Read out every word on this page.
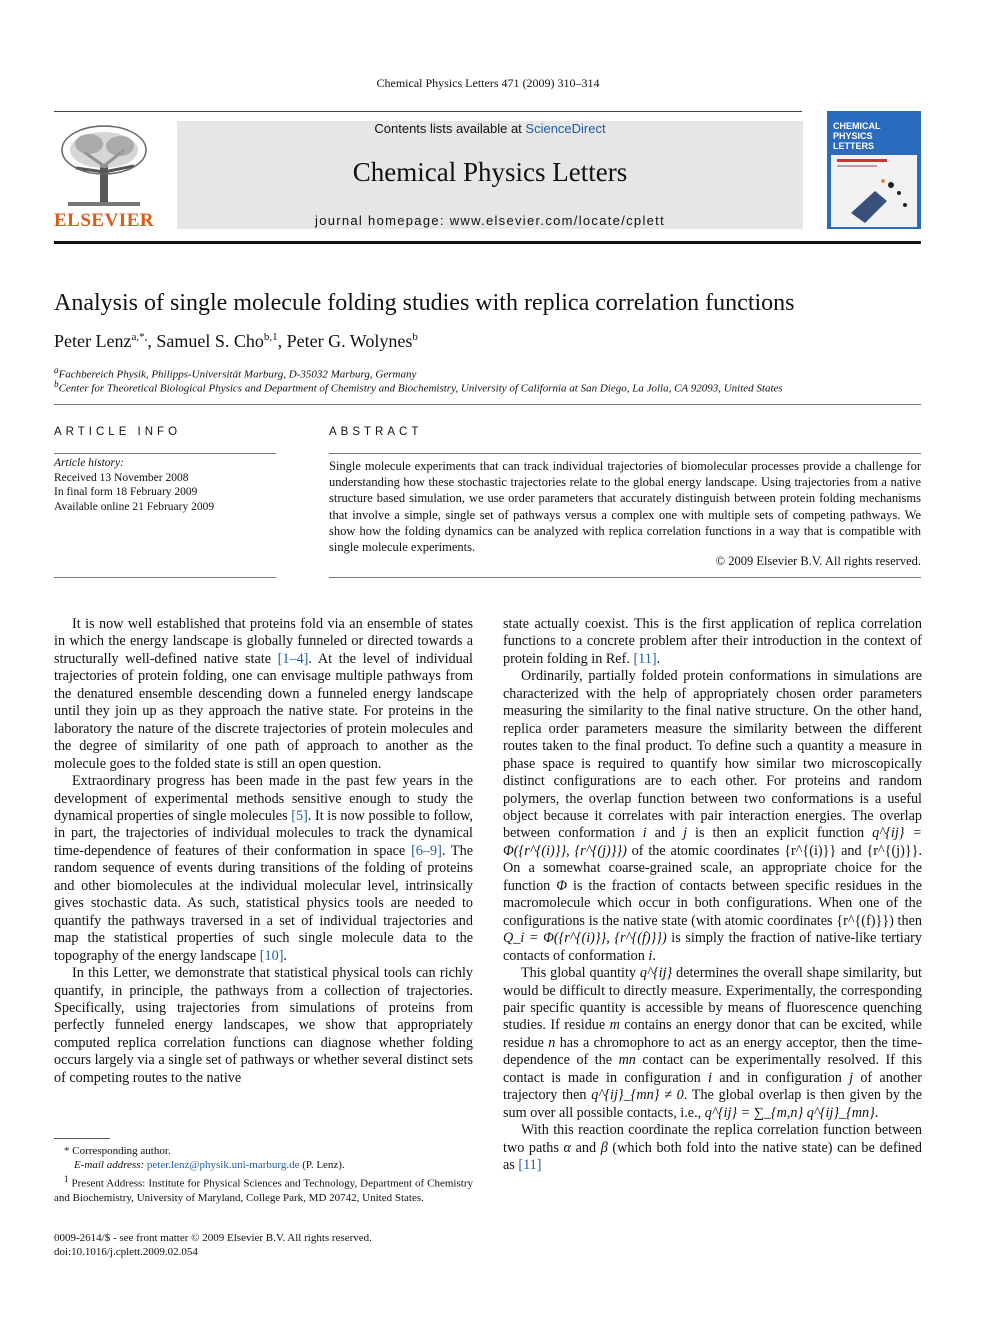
Chemical Physics Letters 471 (2009) 310–314
ELSEVIER
Contents lists available at ScienceDirect
Chemical Physics Letters
journal homepage: www.elsevier.com/locate/cplett
CHEMICAL
PHYSICS
LETTERS
Analysis of single molecule folding studies with replica correlation functions
Peter Lenz$^{a,*,}$, Samuel S. Cho$^{b,1}$, Peter G. Wolynes$^b$
$^a$Fachbereich Physik, Philipps-Universität Marburg, D-35032 Marburg, Germany
$^b$Center for Theoretical Biological Physics and Department of Chemistry and Biochemistry, University of California at San Diego, La Jolla, CA 92093, United States
ARTICLE INFO
Article history:
Received 13 November 2008
In final form 18 February 2009
Available online 21 February 2009
ABSTRACT
Single molecule experiments that can track individual trajectories of biomolecular processes provide a challenge for understanding how these stochastic trajectories relate to the global energy landscape. Using trajectories from a native structure based simulation, we use order parameters that accurately distinguish between protein folding mechanisms that involve a simple, single set of pathways versus a complex one with multiple sets of competing pathways. We show how the folding dynamics can be analyzed with replica correlation functions in a way that is compatible with single molecule experiments.
© 2009 Elsevier B.V. All rights reserved.

It is now well established that proteins fold via an ensemble of states in which the energy landscape is globally funneled or directed towards a structurally well-defined native state [1–4]. At the level of individual trajectories of protein folding, one can envisage multiple pathways from the denatured ensemble descending down a funneled energy landscape until they join up as they approach the native state. For proteins in the laboratory the nature of the discrete trajectories of protein molecules and the degree of similarity of one path of approach to another as the molecule goes to the folded state is still an open question.

Extraordinary progress has been made in the past few years in the development of experimental methods sensitive enough to study the dynamical properties of single molecules [5]. It is now possible to follow, in part, the trajectories of individual molecules to track the dynamical time-dependence of features of their conformation in space [6–9]. The random sequence of events during transitions of the folding of proteins and other biomolecules at the individual molecular level, intrinsically gives stochastic data. As such, statistical physics tools are needed to quantify the pathways traversed in a set of individual trajectories and map the statistical properties of such single molecule data to the topography of the energy landscape [10].

In this Letter, we demonstrate that statistical physical tools can richly quantify, in principle, the pathways from a collection of trajectories. Specifically, using trajectories from simulations of proteins from perfectly funneled energy landscapes, we show that appropriately computed replica correlation functions can diagnose whether folding occurs largely via a single set of pathways or whether several distinct sets of competing routes to the native

state actually coexist. This is the first application of replica correlation functions to a concrete problem after their introduction in the context of protein folding in Ref. [11].

Ordinarily, partially folded protein conformations in simulations are characterized with the help of appropriately chosen order parameters measuring the similarity to the final native structure. On the other hand, replica order parameters measure the similarity between the different routes taken to the final product. To define such a quantity a measure in phase space is required to quantify how similar two microscopically distinct configurations are to each other. For proteins and random polymers, the overlap function between two conformations is a useful object because it correlates with pair interaction energies. The overlap between conformation i and j is then an explicit function q^{ij} = Φ({r^{(i)}}, {r^{(j)}}) of the atomic coordinates {r^{(i)}} and {r^{(j)}}. On a somewhat coarse-grained scale, an appropriate choice for the function Φ is the fraction of contacts between specific residues in the macromolecule which occur in both configurations. When one of the configurations is the native state (with atomic coordinates {r^{(f)}}) then Q_i = Φ({r^{(i)}}, {r^{(f)}}) is simply the fraction of native-like tertiary contacts of conformation i.

This global quantity q^{ij} determines the overall shape similarity, but would be difficult to directly measure. Experimentally, the corresponding pair specific quantity is accessible by means of fluorescence quenching studies. If residue m contains an energy donor that can be excited, while residue n has a chromophore to act as an energy acceptor, then the time-dependence of the mn contact can be experimentally resolved. If this contact is made in configuration i and in configuration j of another trajectory then q^{ij}_{mn} ≠ 0. The global overlap is then given by the sum over all possible contacts, i.e., q^{ij} = ∑_{m,n} q^{ij}_{mn}.

With this reaction coordinate the replica correlation function between two paths α and β (which both fold into the native state) can be defined as [11]

* Corresponding author.
E-mail address: peter.lenz@physik.uni-marburg.de (P. Lenz).
$^1$ Present Address: Institute for Physical Sciences and Technology, Department of Chemistry and Biochemistry, University of Maryland, College Park, MD 20742, United States.
0009-2614/$ - see front matter © 2009 Elsevier B.V. All rights reserved.
doi:10.1016/j.cplett.2009.02.054
